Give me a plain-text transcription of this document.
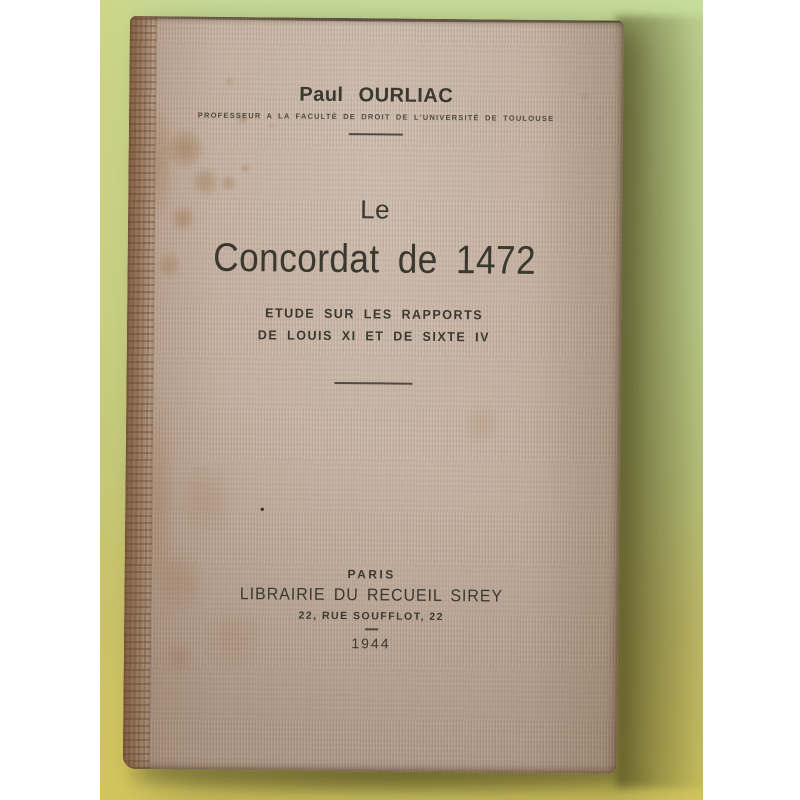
Paul OURLIAC
PROFESSEUR A LA FACULTÉ DE DROIT DE L'UNIVERSITÉ DE TOULOUSE
Le
Concordat de 1472
ETUDE SUR LES RAPPORTS
DE LOUIS XI ET DE SIXTE IV
PARIS
LIBRAIRIE DU RECUEIL SIREY
22, RUE SOUFFLOT, 22
1944
